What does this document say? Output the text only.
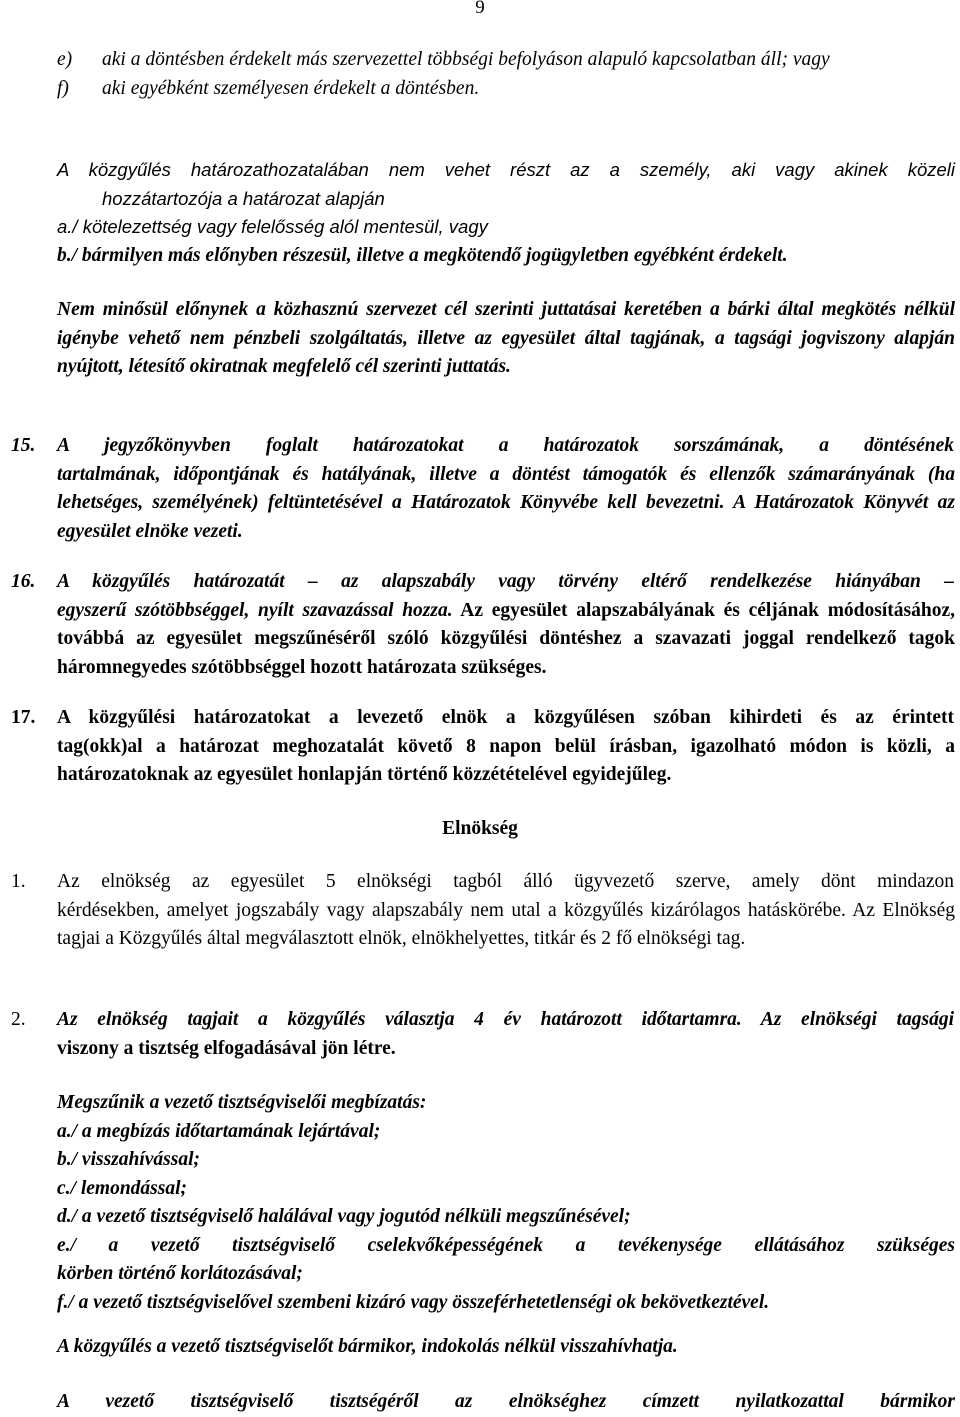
9
e)	aki a döntésben érdekelt más szervezettel többségi befolyáson alapuló kapcsolatban áll; vagy
f)	aki egyébként személyesen érdekelt a döntésben.
A közgyűlés határozathozatalában nem vehet részt az a személy, aki vagy akinek közeli
hozzátartozója a határozat alapján
a./ kötelezettség vagy felelősség alól mentesül, vagy
b./ bármilyen más előnyben részesül, illetve a megkötendő jogügyletben egyébként érdekelt.
Nem minősül előnynek a közhasznú szervezet cél szerinti juttatásai keretében a bárki által megkötés nélkül igénybe vehető nem pénzbeli szolgáltatás, illetve az egyesület által tagjának, a tagsági jogviszony alapján nyújtott, létesítő okiratnak megfelelő cél szerinti juttatás.
15.	A jegyzőkönyvben foglalt határozatokat a határozatok sorszámának, a döntésének
tartalmának, időpontjának és hatályának, illetve a döntést támogatók és ellenzők számarányának (ha lehetséges, személyének) feltüntetésével a Határozatok Könyvébe kell bevezetni. A Határozatok Könyvét az egyesület elnöke vezeti.
16.	A közgyűlés határozatát – az alapszabály vagy törvény eltérő rendelkezése hiányában –
egyszerű szótöbbséggel, nyílt szavazással hozza. Az egyesület alapszabályának és céljának módosításához, továbbá az egyesület megszűnéséről szóló közgyűlési döntéshez a szavazati joggal rendelkező tagok háromnegyedes szótöbbséggel hozott határozata szükséges.
17.	A közgyűlési határozatokat a levezető elnök a közgyűlésen szóban kihirdeti és az érintett
tag(okk)al a határozat meghozatalát követő 8 napon belül írásban, igazolható módon is közli, a határozatoknak az egyesület honlapján történő közzétételével egyidejűleg.
Elnökség
1.	Az elnökség az egyesület 5 elnökségi tagból álló ügyvezető szerve, amely dönt mindazon
kérdésekben, amelyet jogszabály vagy alapszabály nem utal a közgyűlés kizárólagos hatáskörébe. Az Elnökség tagjai a Közgyűlés által megválasztott elnök, elnökhelyettes, titkár és 2 fő elnökségi tag.
2.	Az elnökség tagjait a közgyűlés választja 4 év határozott időtartamra. Az elnökségi tagsági
viszony a tisztség elfogadásával jön létre.
Megszűnik a vezető tisztségviselői megbízatás:
a./ a megbízás időtartamának lejártával;
b./ visszahívással;
c./ lemondással;
d./ a vezető tisztségviselő halálával vagy jogutód nélküli megszűnésével;
e./ a vezető tisztségviselő cselekvőképességének a tevékenysége ellátásához szükséges
körben történő korlátozásával;
f./ a vezető tisztségviselővel szembeni kizáró vagy összeférhetetlenségi ok bekövetkeztével.
A közgyűlés a vezető tisztségviselőt bármikor, indokolás nélkül visszahívhatja.
A vezető tisztségviselő tisztségéről az elnökséghez címzett nyilatkozattal bármikor
